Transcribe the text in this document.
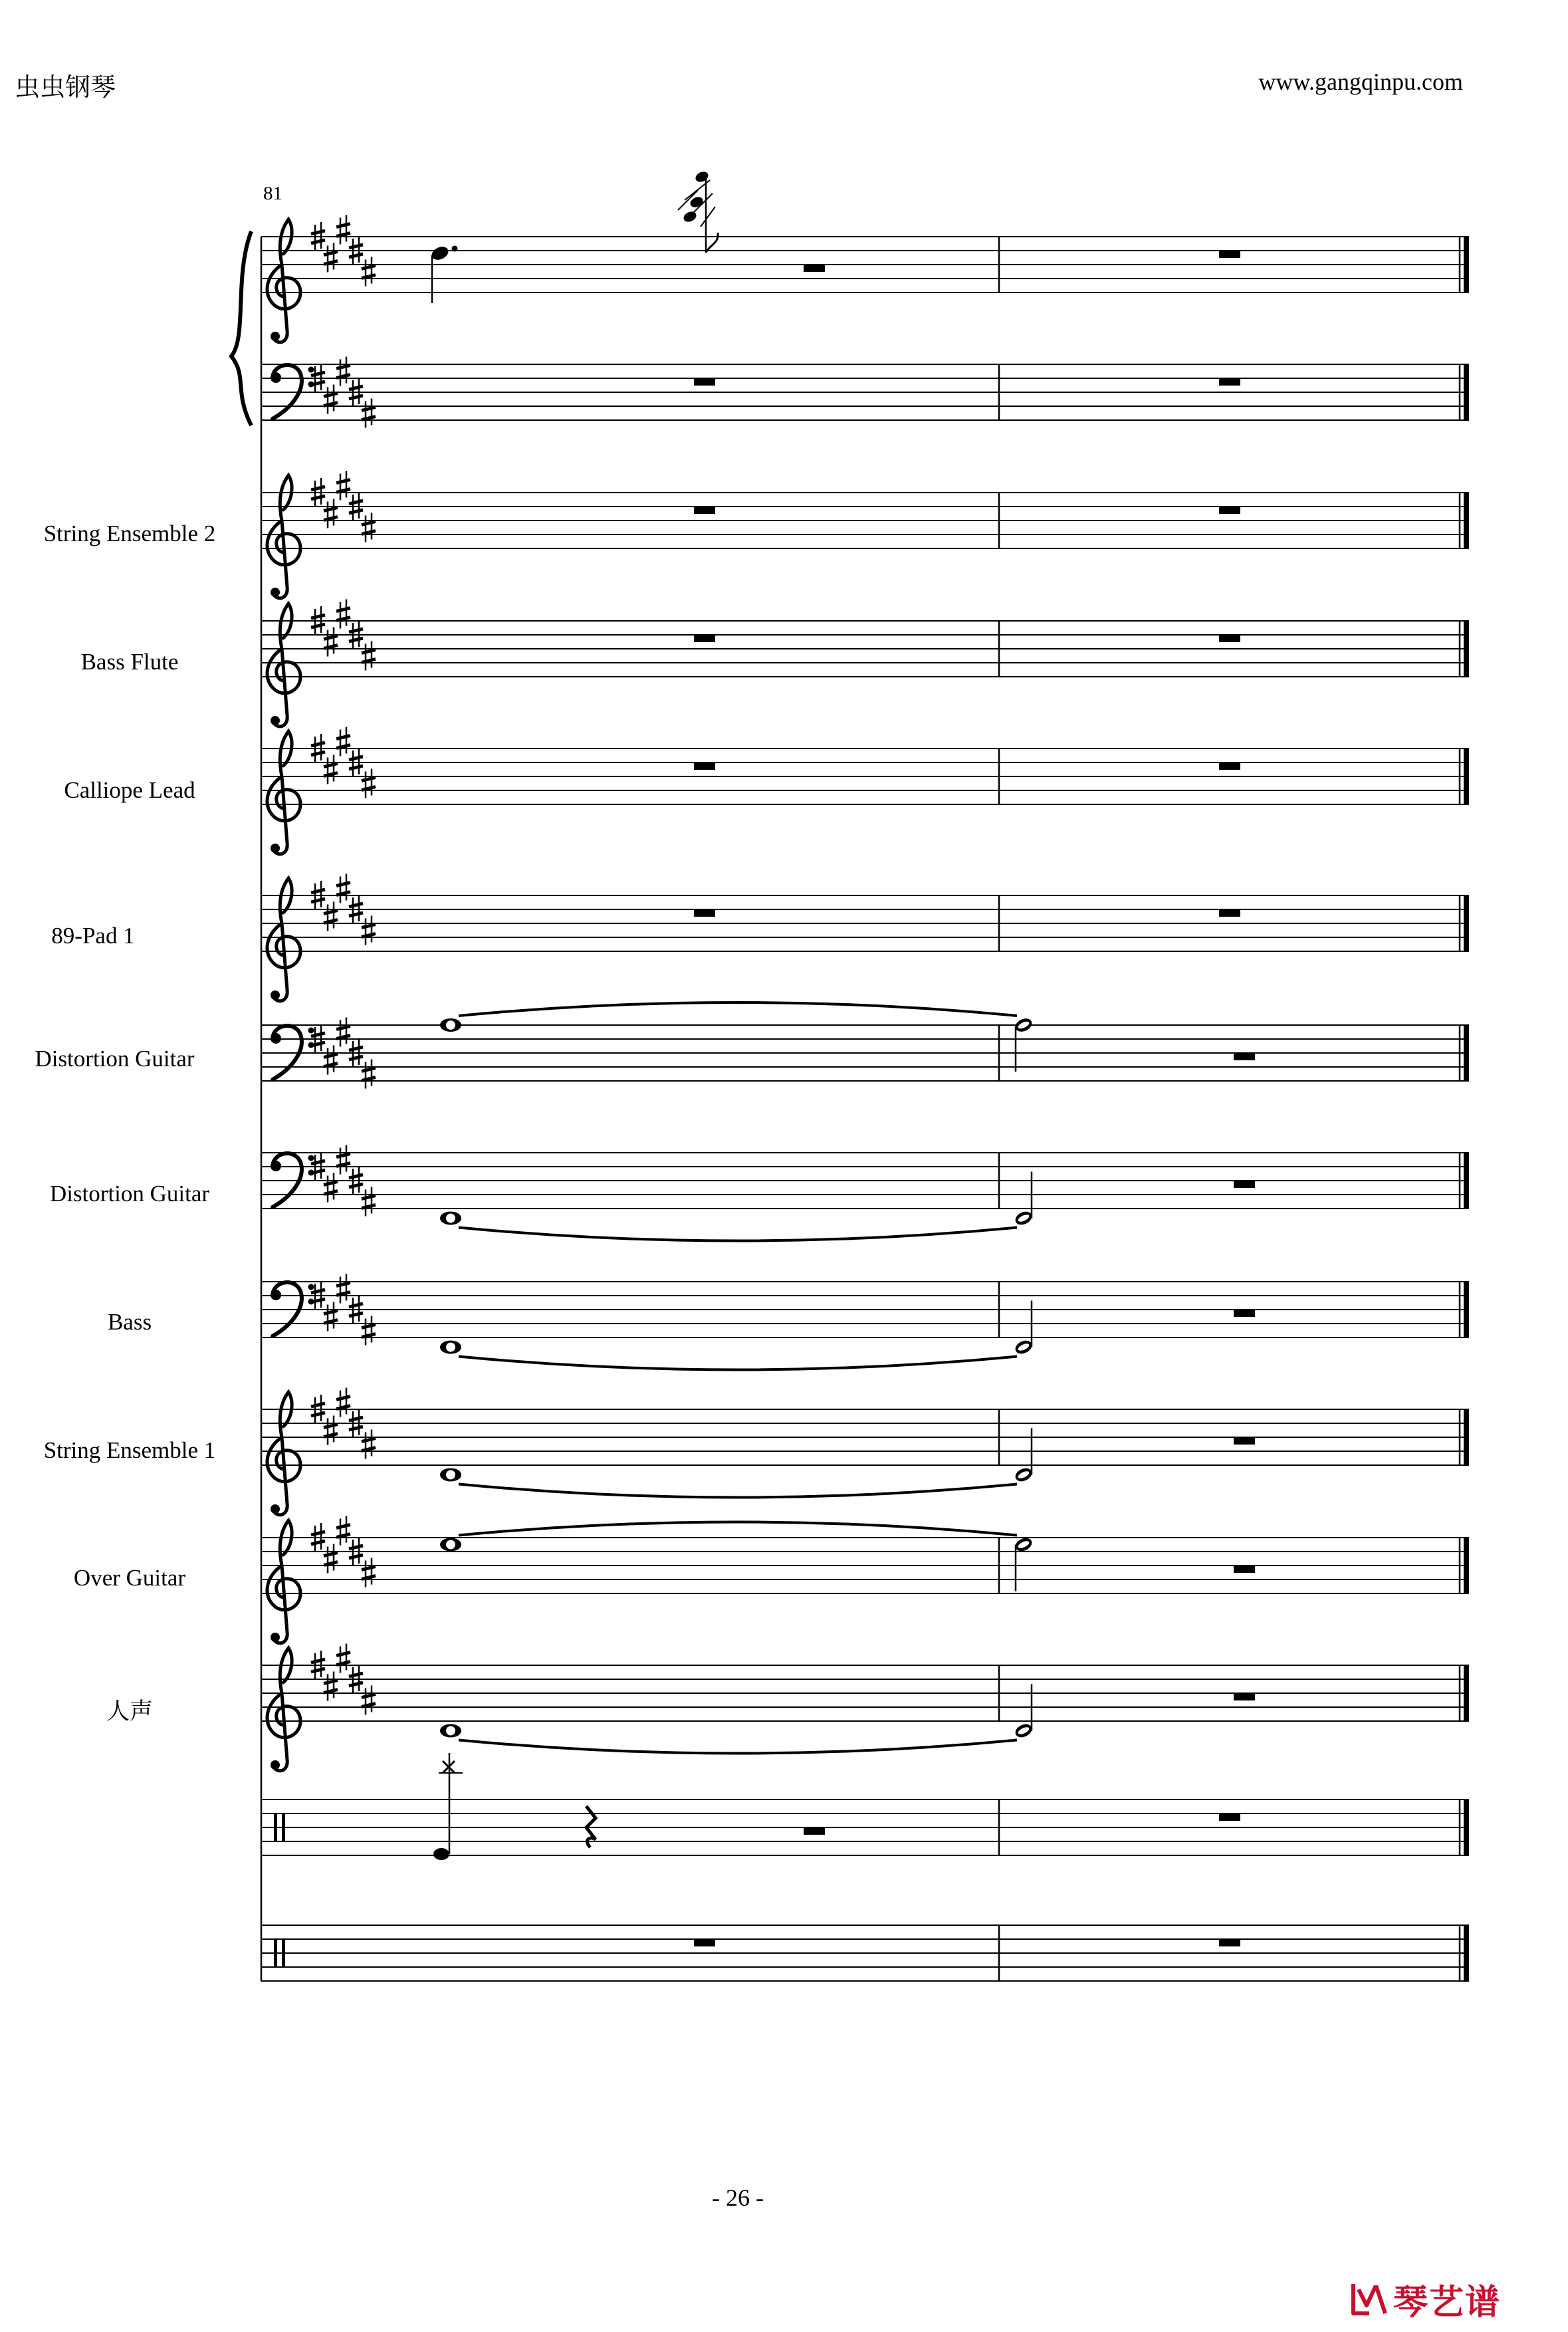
虫虫钢琴	www.gangqinpu.com
81
String Ensemble 2
Bass Flute
Calliope Lead
89-Pad 1
Distortion Guitar
Distortion Guitar
Bass
String Ensemble 1
Over Guitar
人声
- 26 -
琴艺谱
